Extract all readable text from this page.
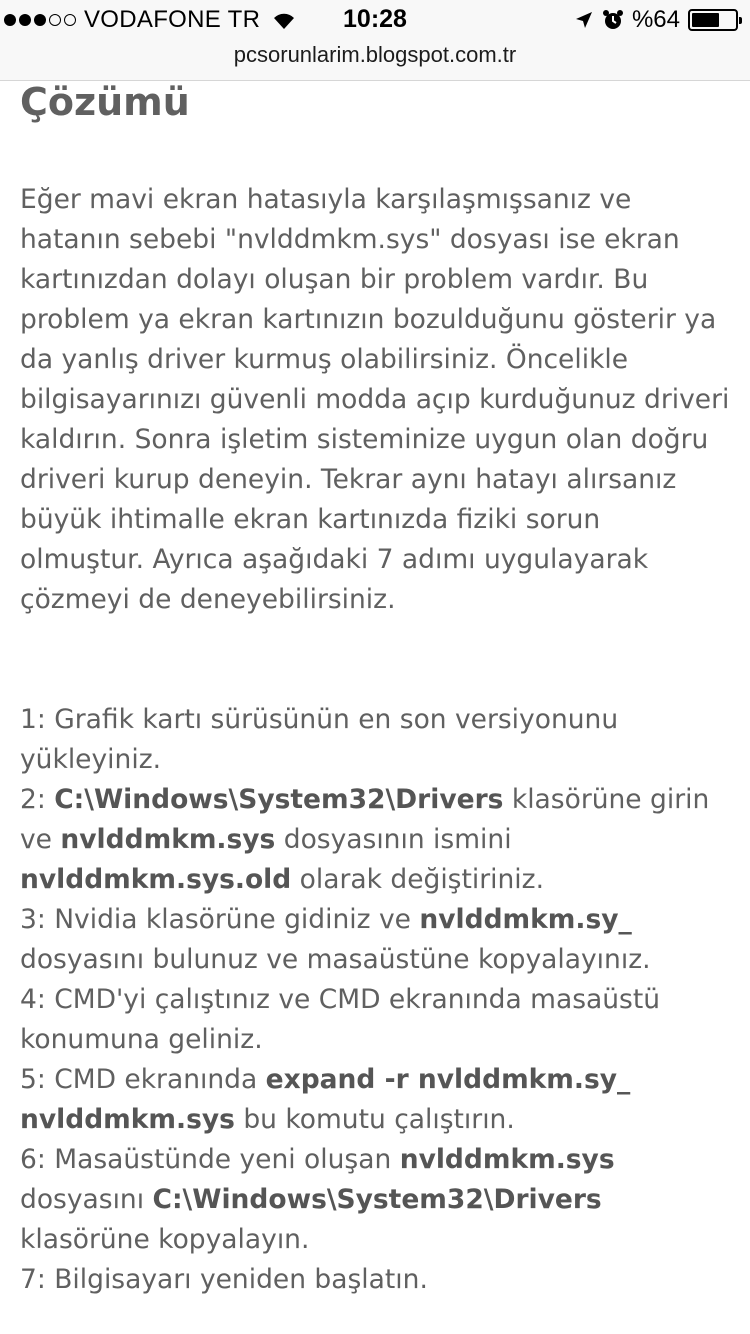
VODAFONE TR	10:28	%64
pcsorunlarim.blogspot.com.tr
Çözümü

Eğer mavi ekran hatasıyla karşılaşmışsanız ve hatanın sebebi "nvlddmkm.sys" dosyası ise ekran kartınızdan dolayı oluşan bir problem vardır. Bu problem ya ekran kartınızın bozulduğunu gösterir ya da yanlış driver kurmuş olabilirsiniz. Öncelikle bilgisayarınızı güvenli modda açıp kurduğunuz driveri kaldırın. Sonra işletim sisteminize uygun olan doğru driveri kurup deneyin. Tekrar aynı hatayı alırsanız büyük ihtimalle ekran kartınızda fiziki sorun olmuştur. Ayrıca aşağıdaki 7 adımı uygulayarak çözmeyi de deneyebilirsiniz.

1: Grafik kartı sürüsünün en son versiyonunu yükleyiniz.

2: C:\Windows\System32\Drivers klasörüne girin ve nvlddmkm.sys dosyasının ismini nvlddmkm.sys.old olarak değiştiriniz.

3: Nvidia klasörüne gidiniz ve nvlddmkm.sy_ dosyasını bulunuz ve masaüstüne kopyalayınız.

4: CMD'yi çalıştınız ve CMD ekranında masaüstü konumuna geliniz.

5: CMD ekranında expand -r nvlddmkm.sy_ nvlddmkm.sys bu komutu çalıştırın.

6: Masaüstünde yeni oluşan nvlddmkm.sys dosyasını C:\Windows\System32\Drivers klasörüne kopyalayın.

7: Bilgisayarı yeniden başlatın.
